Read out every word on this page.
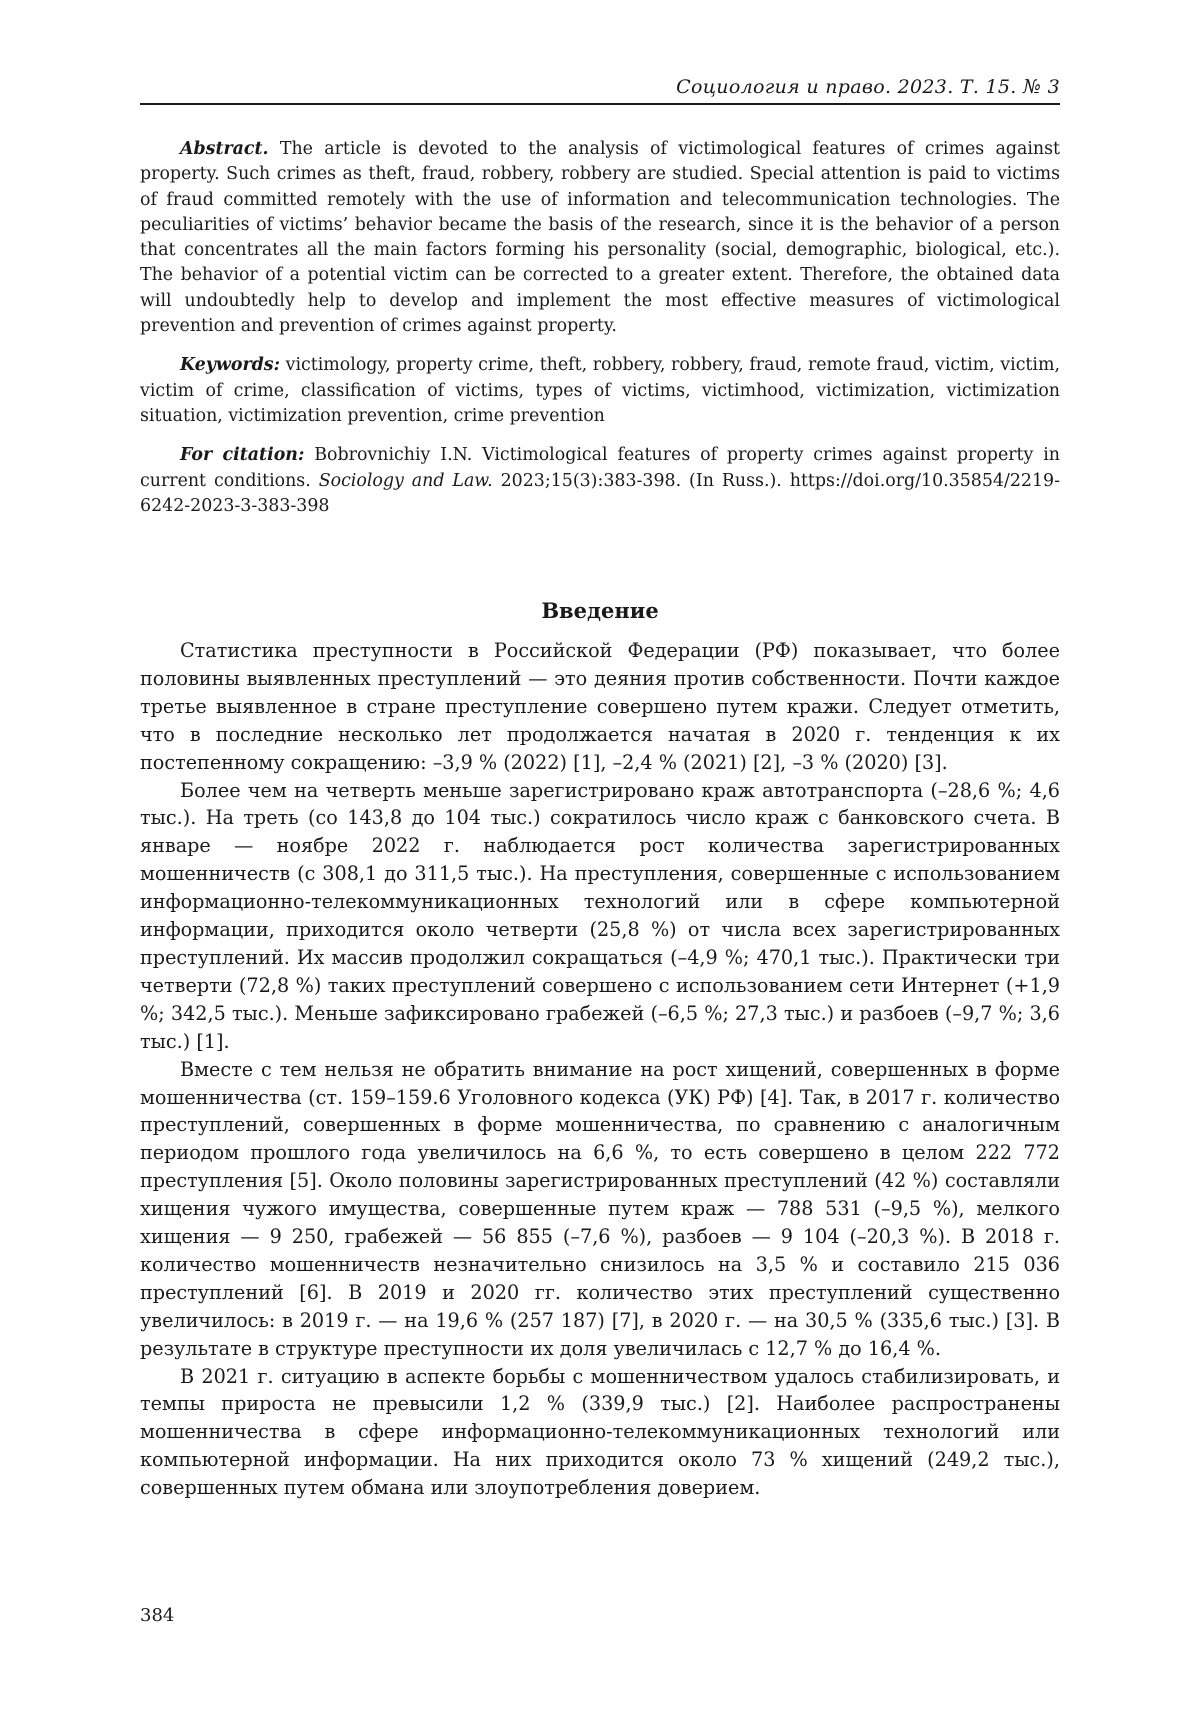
Социология и право. 2023. Т. 15. № 3

Abstract. The article is devoted to the analysis of victimological features of crimes against property. Such crimes as theft, fraud, robbery, robbery are studied. Special attention is paid to victims of fraud committed remotely with the use of information and telecommunication technologies. The peculiarities of victims’ behavior became the basis of the research, since it is the behavior of a person that concentrates all the main factors forming his personality (social, demographic, biological, etc.). The behavior of a potential victim can be corrected to a greater extent. Therefore, the obtained data will undoubtedly help to develop and implement the most effective measures of victimological prevention and prevention of crimes against property.

Keywords: victimology, property crime, theft, robbery, robbery, fraud, remote fraud, victim, victim, victim of crime, classification of victims, types of victims, victimhood, victimization, victimization situation, victimization prevention, crime prevention

For citation: Bobrovnichiy I.N. Victimological features of property crimes against property in current conditions. Sociology and Law. 2023;15(3):383-398. (In Russ.). https://doi.org/10.35854/2219-6242-2023-3-383-398

Введение

Статистика преступности в Российской Федерации (РФ) показывает, что более половины выявленных преступлений — это деяния против собственности. Почти каждое третье выявленное в стране преступление совершено путем кражи. Следует отметить, что в последние несколько лет продолжается начатая в 2020 г. тенденция к их постепенному сокращению: –3,9 % (2022) [1], –2,4 % (2021) [2], –3 % (2020) [3].

Более чем на четверть меньше зарегистрировано краж автотранспорта (–28,6 %; 4,6 тыс.). На треть (со 143,8 до 104 тыс.) сократилось число краж с банковского счета. В январе — ноябре 2022 г. наблюдается рост количества зарегистрированных мошенничеств (с 308,1 до 311,5 тыс.). На преступления, совершенные с использованием информационно-телекоммуникационных технологий или в сфере компьютерной информации, приходится около четверти (25,8 %) от числа всех зарегистрированных преступлений. Их массив продолжил сокращаться (–4,9 %; 470,1 тыс.). Практически три четверти (72,8 %) таких преступлений совершено с использованием сети Интернет (+1,9 %; 342,5 тыс.). Меньше зафиксировано грабежей (–6,5 %; 27,3 тыс.) и разбоев (–9,7 %; 3,6 тыс.) [1].

Вместе с тем нельзя не обратить внимание на рост хищений, совершенных в форме мошенничества (ст. 159–159.6 Уголовного кодекса (УК) РФ) [4]. Так, в 2017 г. количество преступлений, совершенных в форме мошенничества, по сравнению с аналогичным периодом прошлого года увеличилось на 6,6 %, то есть совершено в целом 222 772 преступления [5]. Около половины зарегистрированных преступлений (42 %) составляли хищения чужого имущества, совершенные путем краж — 788 531 (–9,5 %), мелкого хищения — 9 250, грабежей — 56 855 (–7,6 %), разбоев — 9 104 (–20,3 %). В 2018 г. количество мошенничеств незначительно снизилось на 3,5 % и составило 215 036 преступлений [6]. В 2019 и 2020 гг. количество этих преступлений существенно увеличилось: в 2019 г. — на 19,6 % (257 187) [7], в 2020 г. — на 30,5 % (335,6 тыс.) [3]. В результате в структуре преступности их доля увеличилась с 12,7 % до 16,4 %.

В 2021 г. ситуацию в аспекте борьбы с мошенничеством удалось стабилизировать, и темпы прироста не превысили 1,2 % (339,9 тыс.) [2]. Наиболее распространены мошенничества в сфере информационно-телекоммуникационных технологий или компьютерной информации. На них приходится около 73 % хищений (249,2 тыс.), совершенных путем обмана или злоупотребления доверием.

384
